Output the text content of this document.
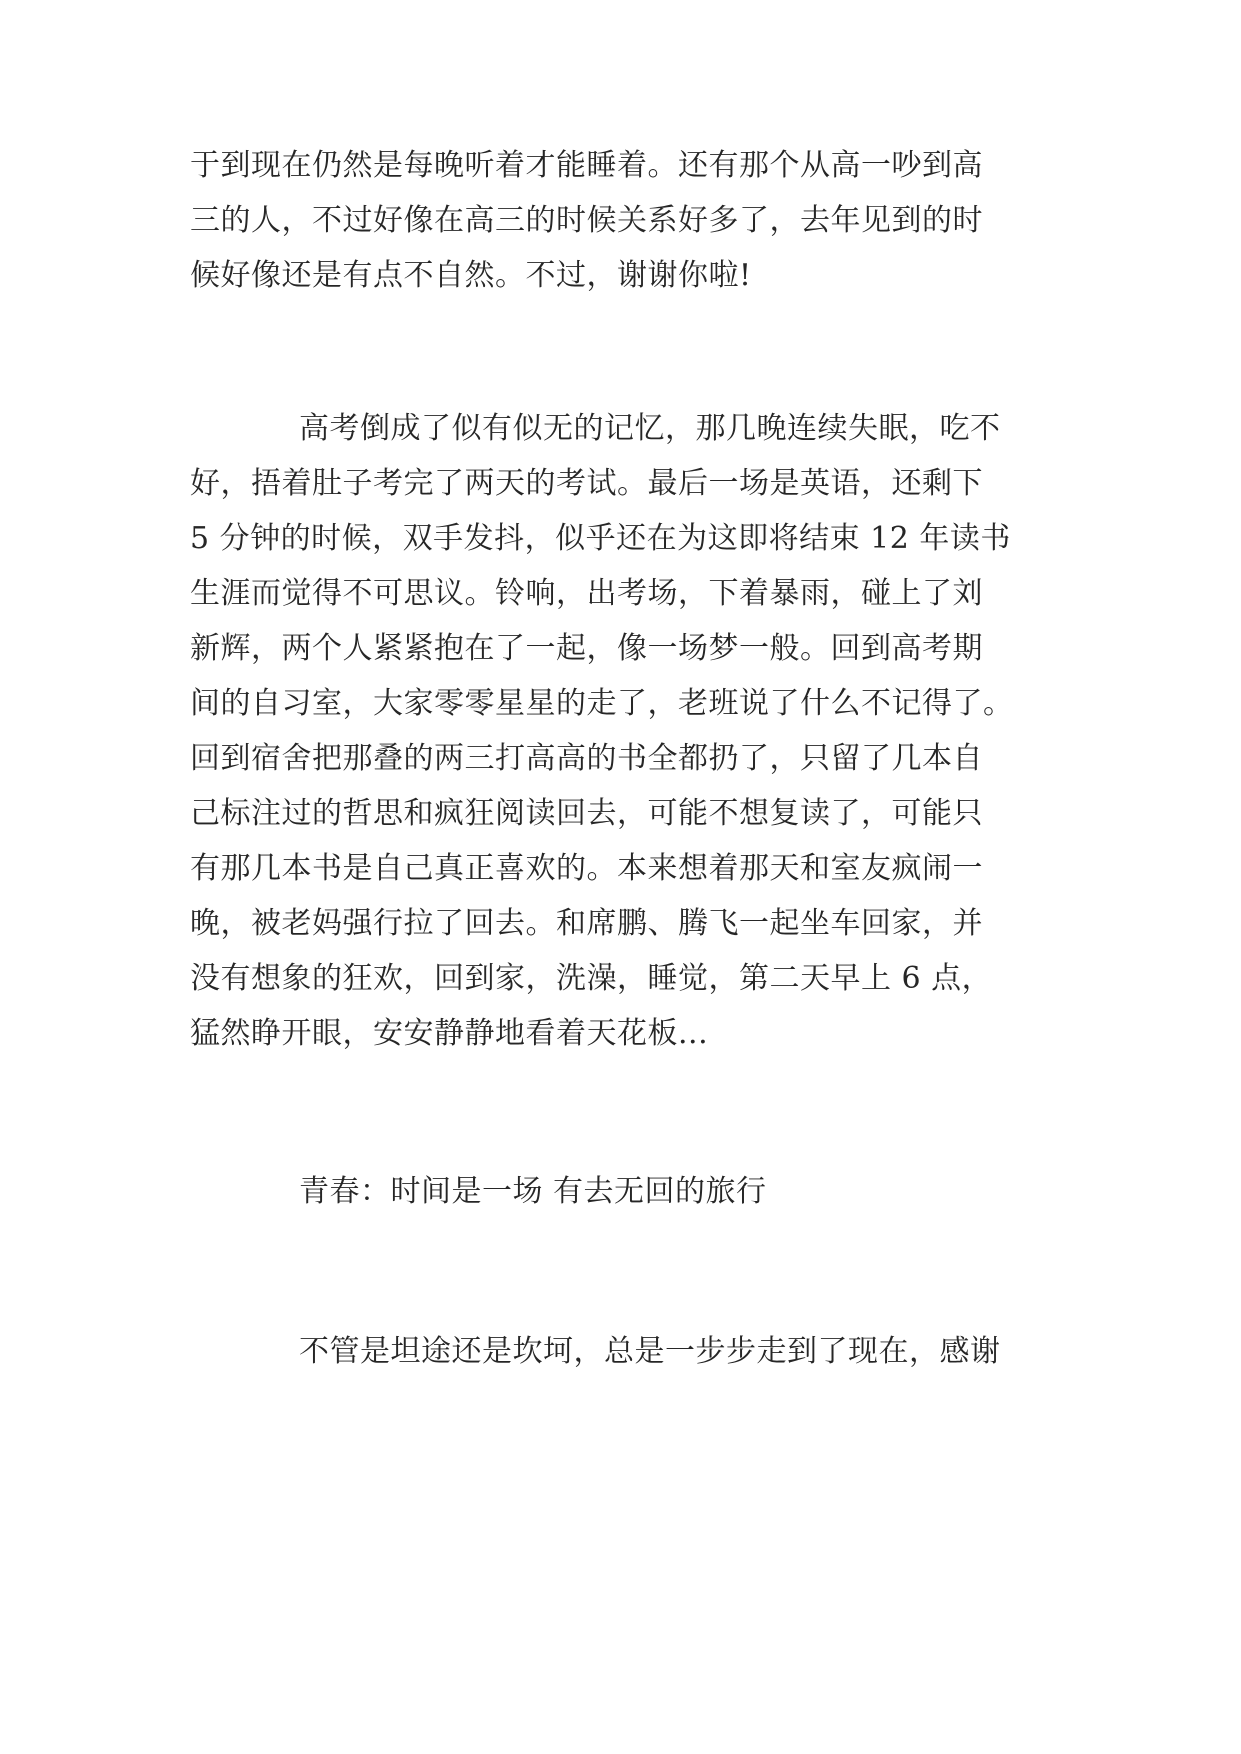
于到现在仍然是每晚听着才能睡着。还有那个从高一吵到高
三的人，不过好像在高三的时候关系好多了，去年见到的时
候好像还是有点不自然。不过，谢谢你啦!
高考倒成了似有似无的记忆，那几晚连续失眠，吃不
好，捂着肚子考完了两天的考试。最后一场是英语，还剩下
5 分钟的时候，双手发抖，似乎还在为这即将结束 12 年读书
生涯而觉得不可思议。铃响，出考场，下着暴雨，碰上了刘
新辉，两个人紧紧抱在了一起，像一场梦一般。回到高考期
间的自习室，大家零零星星的走了，老班说了什么不记得了。
回到宿舍把那叠的两三打高高的书全都扔了，只留了几本自
己标注过的哲思和疯狂阅读回去，可能不想复读了，可能只
有那几本书是自己真正喜欢的。本来想着那天和室友疯闹一
晚，被老妈强行拉了回去。和席鹏、腾飞一起坐车回家，并
没有想象的狂欢，回到家，洗澡，睡觉，第二天早上 6 点，
猛然睁开眼，安安静静地看着天花板...
青春：时间是一场 有去无回的旅行
不管是坦途还是坎坷，总是一步步走到了现在，感谢
